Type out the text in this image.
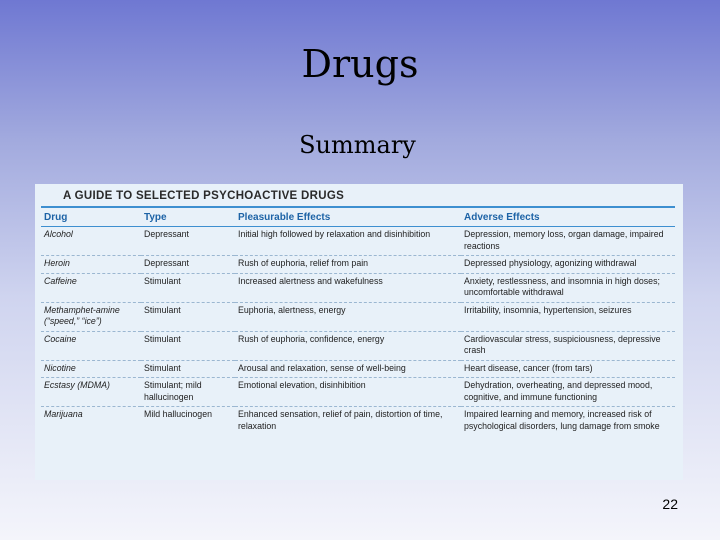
Drugs
Summary
A GUIDE TO SELECTED PSYCHOACTIVE DRUGS
Drug	Type	Pleasurable Effects	Adverse Effects
Alcohol	Depressant	Initial high followed by relaxation and disinhibition	Depression, memory loss, organ damage, impaired reactions
Heroin	Depressant	Rush of euphoria, relief from pain	Depressed physiology, agonizing withdrawal
Caffeine	Stimulant	Increased alertness and wakefulness	Anxiety, restlessness, and insomnia in high doses; uncomfortable withdrawal
Methamphet-amine (“speed,” “ice”)	Stimulant	Euphoria, alertness, energy	Irritability, insomnia, hypertension, seizures
Cocaine	Stimulant	Rush of euphoria, confidence, energy	Cardiovascular stress, suspiciousness, depressive crash
Nicotine	Stimulant	Arousal and relaxation, sense of well-being	Heart disease, cancer (from tars)
Ecstasy (MDMA)	Stimulant; mild hallucinogen	Emotional elevation, disinhibition	Dehydration, overheating, and depressed mood, cognitive, and immune functioning
Marijuana	Mild hallucinogen	Enhanced sensation, relief of pain, distortion of time, relaxation	Impaired learning and memory, increased risk of psychological disorders, lung damage from smoke
22
